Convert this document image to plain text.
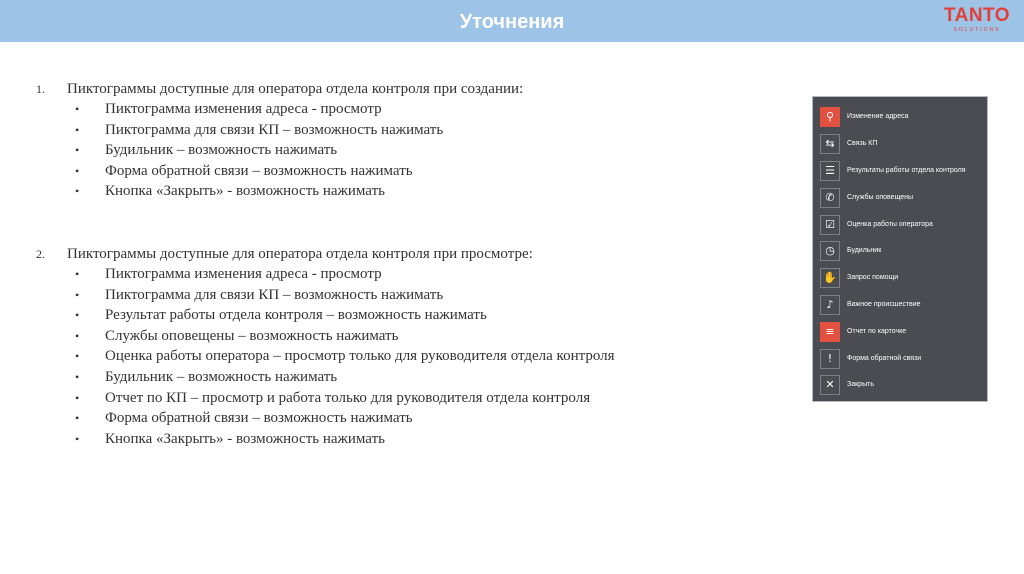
Уточнения	TANTO
SOLUTIONS
1. Пиктограммы доступные для оператора отдела контроля при создании:
• Пиктограмма изменения адреса - просмотр
• Пиктограмма для связи КП – возможность нажимать
• Будильник – возможность нажимать
• Форма обратной связи – возможность нажимать
• Кнопка «Закрыть» - возможность нажимать
2. Пиктограммы доступные для оператора отдела контроля при просмотре:
• Пиктограмма изменения адреса - просмотр
• Пиктограмма для связи КП – возможность нажимать
• Результат работы отдела контроля – возможность нажимать
• Службы оповещены – возможность нажимать
• Оценка работы оператора – просмотр только для руководителя отдела контроля
• Будильник – возможность нажимать
• Отчет по КП – просмотр и работа только для руководителя отдела контроля
• Форма обратной связи – возможность нажимать
• Кнопка «Закрыть» - возможность нажимать
⚲	Изменение адреса
⇆	Связь КП
☰	Результаты работы отдела контроля
✆	Службы оповещены
☑	Оценка работы оператора
◷	Будильник
✋	Запрос помощи
♪	Важное происшествие
≡	Отчет по карточке
!	Форма обратной связи
✕	Закрыть
